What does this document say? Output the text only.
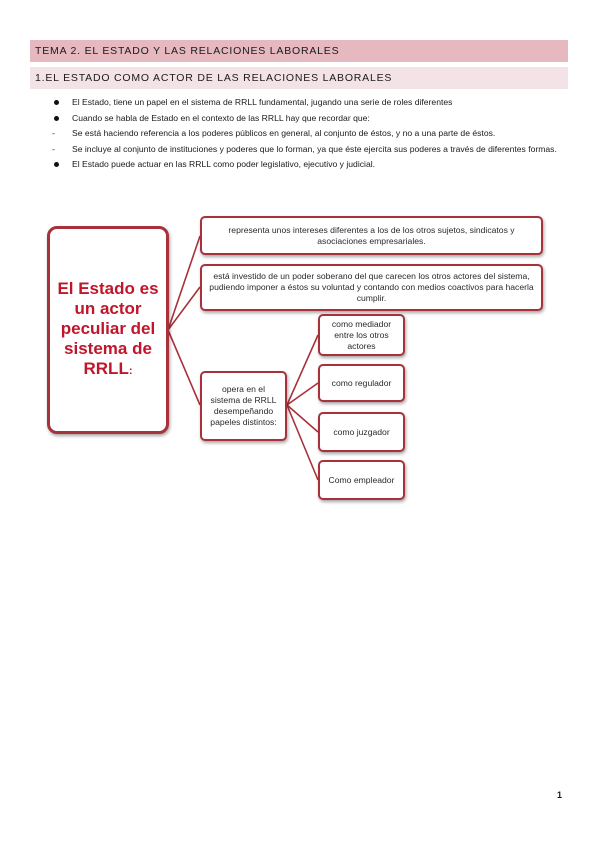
TEMA 2. EL ESTADO Y LAS RELACIONES LABORALES
1.EL ESTADO COMO ACTOR DE LAS RELACIONES LABORALES
El Estado, tiene un papel en el sistema de RRLL fundamental, jugando una serie de roles diferentes
Cuando se habla de Estado en el contexto de las RRLL hay que recordar que:
-	Se está haciendo referencia a los poderes públicos en general, al conjunto de éstos, y no a una parte de éstos.
-	Se incluye al conjunto de instituciones y poderes que lo forman, ya que éste ejercita sus poderes a través de diferentes formas.
El Estado puede actuar en las RRLL como poder legislativo, ejecutivo y judicial.
El Estado es un actor peculiar del sistema de RRLL:
representa unos intereses diferentes a los de los otros sujetos, sindicatos y asociaciones empresariales.
está investido de un poder soberano del que carecen los otros actores del sistema, pudiendo imponer a éstos su voluntad y contando con medios coactivos para hacerla cumplir.
opera en el sistema de RRLL desempeñando papeles distintos:
como mediador entre los otros actores
como regulador
como juzgador
Como empleador
1
